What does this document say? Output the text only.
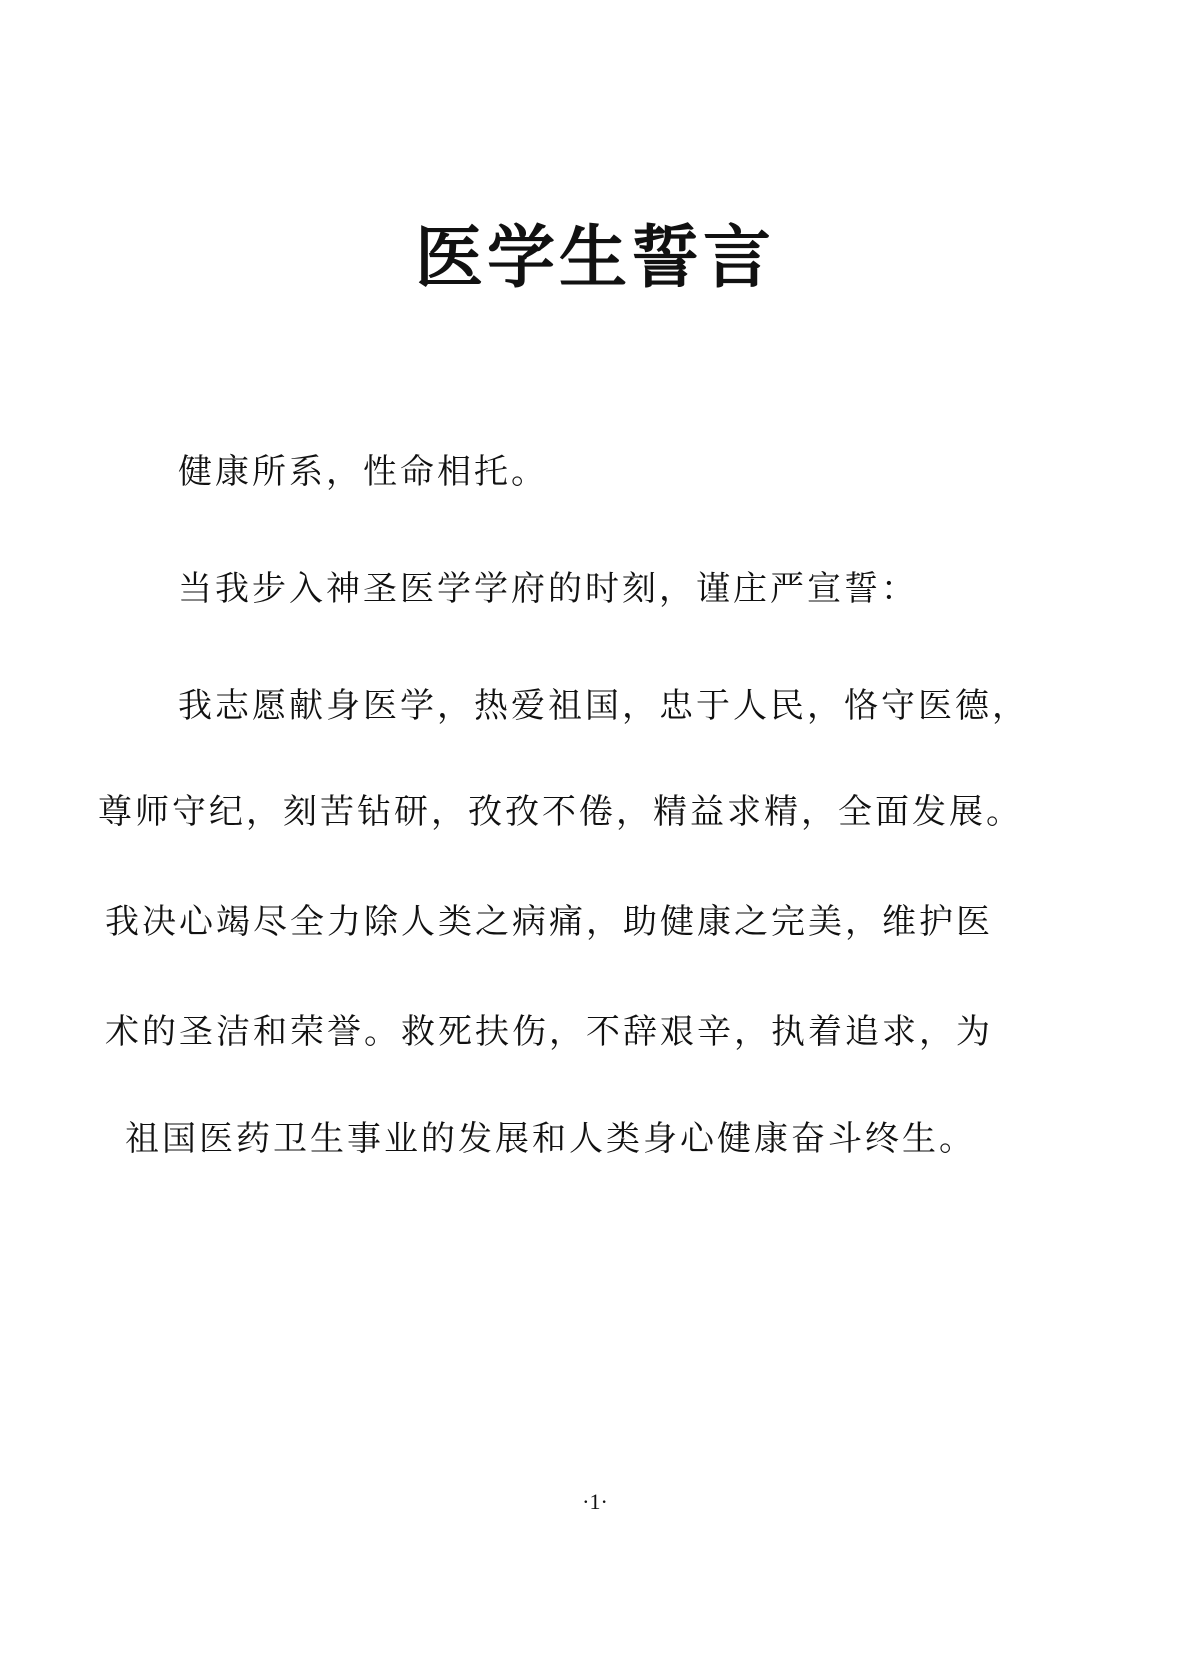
医学生誓言

健康所系，性命相托。

当我步入神圣医学学府的时刻，谨庄严宣誓：

我志愿献身医学，热爱祖国，忠于人民，恪守医德，

尊师守纪，刻苦钻研，孜孜不倦，精益求精，全面发展。

我决心竭尽全力除人类之病痛，助健康之完美，维护医

术的圣洁和荣誉。救死扶伤，不辞艰辛，执着追求，为

祖国医药卫生事业的发展和人类身心健康奋斗终生。

·1·
